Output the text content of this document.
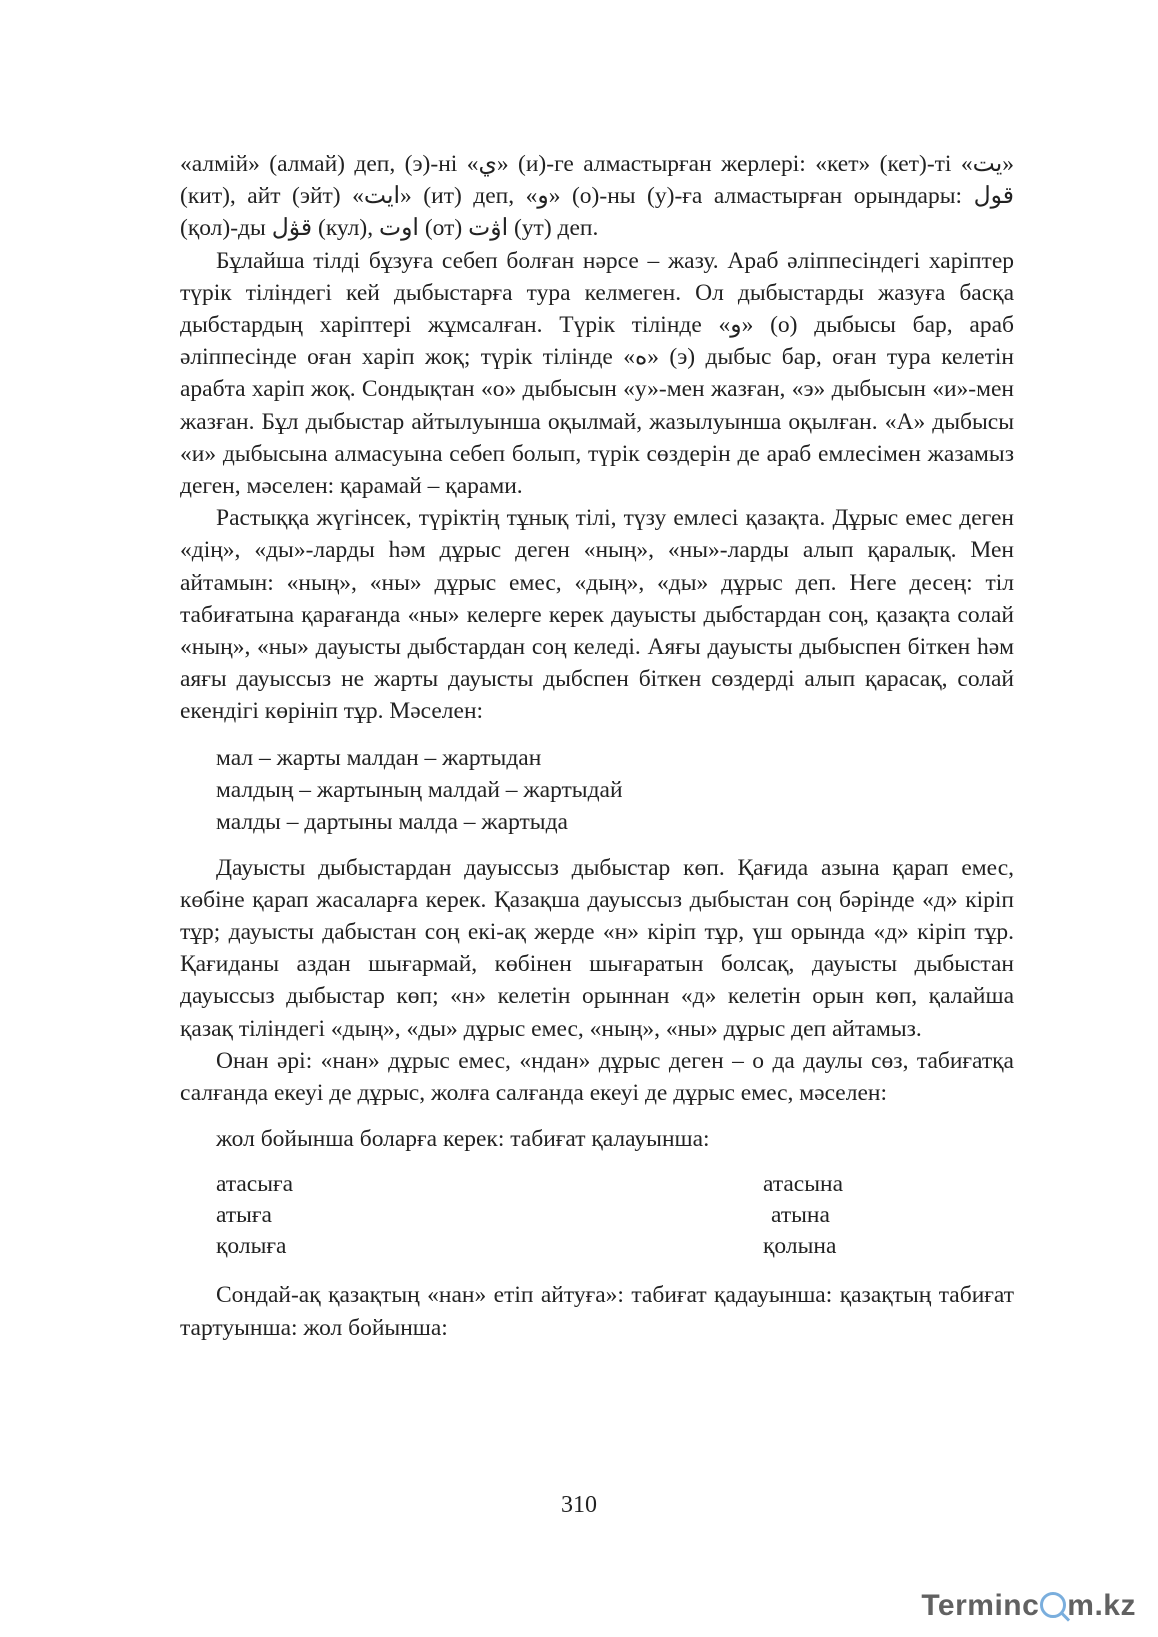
«алмій» (алмай) деп, (э)-ні «ي» (и)-ге алмастырған жерлері: «кет» (кет)-ті «يت» (кит), айт (эйт) «ايت» (ит) деп, «و» (о)-ны (у)-ға алмастырған орындары: قول (қол)-ды قۋل (кул), اوت (от) اۋت (ут) деп.

Бұлайша тілді бұзуға себеп болған нәрсе – жазу. Араб әліппесіндегі харіптер түрік тіліндегі кей дыбыстарға тура келмеген. Ол дыбыстарды жазуға басқа дыбстардың харіптері жұмсалған. Түрік тілінде «و» (о) дыбысы бар, араб әліппесінде оған харіп жоқ; түрік тілінде «ە» (э) дыбыс бар, оған тура келетін арабта харіп жоқ. Сондықтан «о» дыбысын «у»-мен жазған, «э» дыбысын «и»-мен жазған. Бұл дыбыстар айтылуынша оқылмай, жазылуынша оқылған. «А» дыбысы «и» дыбысына алмасуына себеп болып, түрік сөздерін де араб емлесімен жазамыз деген, мәселен: қарамай – қарами.

Растыққа жүгінсек, түріктің тұнық тілі, түзу емлесі қазақта. Дұрыс емес деген «дің», «ды»-ларды һәм дұрыс деген «ның», «ны»-ларды алып қаралық. Мен айтамын: «ның», «ны» дұрыс емес, «дың», «ды» дұрыс деп. Неге десең: тіл табиғатына қарағанда «ны» келерге керек дауысты дыбстардан соң, қазақта солай «ның», «ны» дауысты дыбстардан соң келеді. Аяғы дауысты дыбыспен біткен һәм аяғы дауыссыз не жарты дауысты дыбспен біткен сөздерді алып қарасақ, солай екендігі көрініп тұр. Мәселен:

мал – жарты малдан – жартыдан
малдың – жартының малдай – жартыдай
малды – дартыны малда – жартыда

Дауысты дыбыстардан дауыссыз дыбыстар көп. Қағида азына қарап емес, көбіне қарап жасаларға керек. Қазақша дауыссыз дыбыстан соң бәрінде «д» кіріп тұр; дауысты дабыстан соң екі-ақ жерде «н» кіріп тұр, үш орында «д» кіріп тұр. Қағиданы аздан шығармай, көбінен шығаратын болсақ, дауысты дыбыстан дауыссыз дыбыстар көп; «н» келетін орыннан «д» келетін орын көп, қалайша қазақ тіліндегі «дың», «ды» дұрыс емес, «ның», «ны» дұрыс деп айтамыз.

Онан әрі: «нан» дұрыс емес, «ндан» дұрыс деген – о да даулы сөз, табиғатқа салғанда екеуі де дұрыс, жолға салғанда екеуі де дұрыс емес, мәселен:

жол бойынша боларға керек: табиғат қалауынша:
атасыға
атыға
қолыға
атасына
атына
қолына

Сондай-ақ қазақтың «нан» етіп айтуға»: табиғат қадауынша: қазақтың табиғат тартуынша: жол бойынша:

310
Terminc m.kz
